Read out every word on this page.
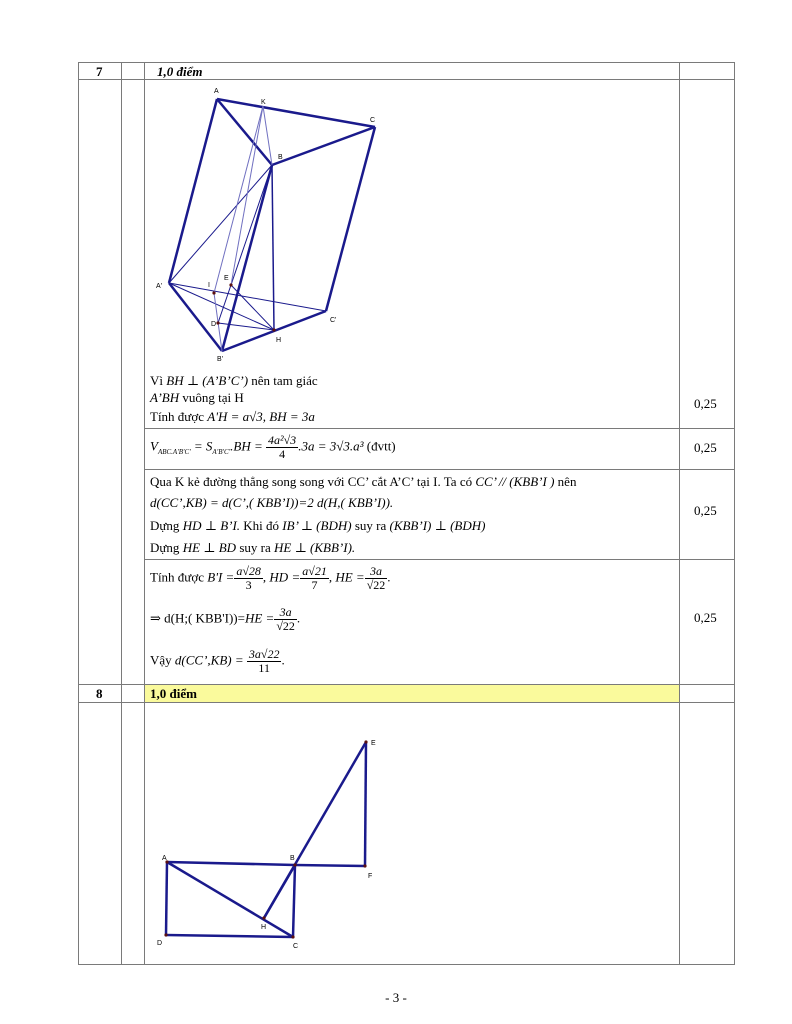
7	1,0 điểm
A
K
C
B
A'	I
E
C'
D
H
B'
Vì BH ⊥ (A’B’C’) nên tam giác
A’BH vuông tại H
Tính được A'H = a√3, BH = 3a
0,25
$V_{ABC.A'B'C'} = S_{A'B'C'}.BH = \frac{\text{4a²√3}}{4} .3a = 3√3.a^3$ (đvtt)	0,25
Qua K kẻ đường thẳng song song với CC’ cắt A’C’ tại I. Ta có CC’ // (KBB’I ) nên
d(CC’,KB) = d(C’,( KBB’I))=2 d(H,( KBB’I)).
Dựng HD ⊥ B’I. Khi đó IB’ ⊥ (BDH) suy ra (KBB’I) ⊥ (BDH)
Dựng HE ⊥ BD suy ra HE ⊥ (KBB’I).
0,25
Tính được $B'I = \frac{a√28}{3}$ , HD = $\frac{a√21}{7}$ , HE = $\frac{3a}{√22}$ .
⇒ d(H;( $KBB'I))=HE = \frac{3a}{√22}$ .
Vậy d(CC’,KB) = $\frac{3a√22}{11}$ .
0,25
8	1,0 điểm
E
A	B
F
H
D	C
- 3 -
